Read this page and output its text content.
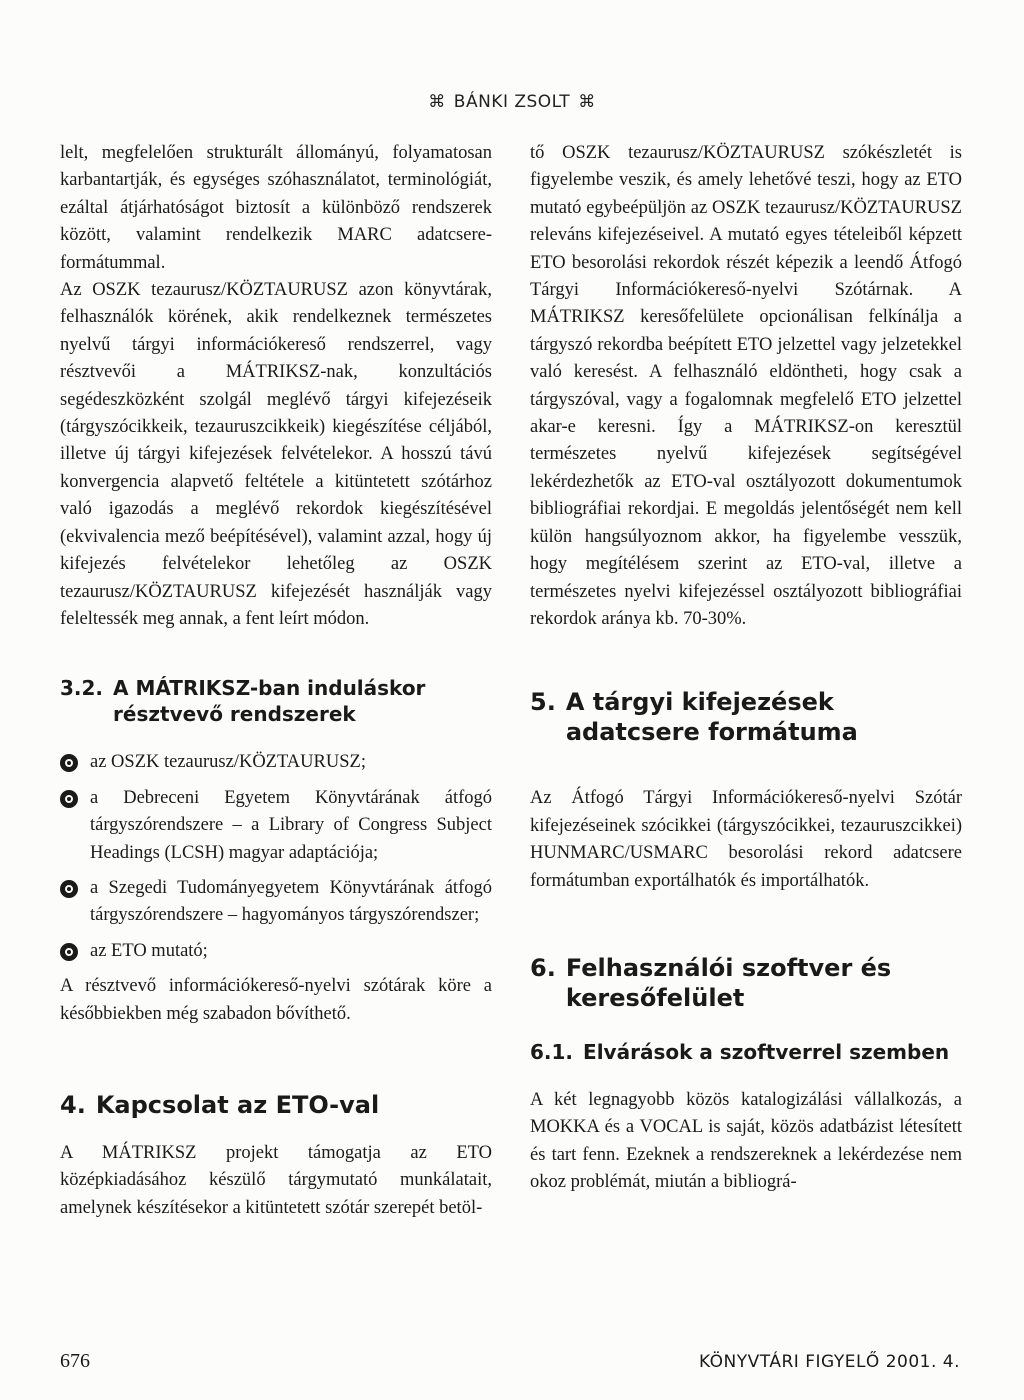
⌘ BÁNKI ZSOLT ⌘

lelt, megfelelően strukturált állományú, folyamatosan karbantartják, és egységes szóhasználatot, terminológiát, ezáltal átjárhatóságot biztosít a különböző rendszerek között, valamint rendelkezik MARC adatcsere-formátummal.

Az OSZK tezaurusz/KÖZTAURUSZ azon könyvtárak, felhasználók körének, akik rendelkeznek természetes nyelvű tárgyi információkereső rendszerrel, vagy résztvevői a MÁTRIKSZ-nak, konzultációs segédeszközként szolgál meglévő tárgyi kifejezéseik (tárgyszócikkeik, tezauruszcikkeik) kiegészítése céljából, illetve új tárgyi kifejezések felvételekor. A hosszú távú konvergencia alapvető feltétele a kitüntetett szótárhoz való igazodás a meglévő rekordok kiegészítésével (ekvivalencia mező beépítésével), valamint azzal, hogy új kifejezés felvételekor lehetőleg az OSZK tezaurusz/KÖZTAURUSZ kifejezését használják vagy feleltessék meg annak, a fent leírt módon.

3.2. A MÁTRIKSZ-ban induláskor résztvevő rendszerek
az OSZK tezaurusz/KÖZTAURUSZ;
a Debreceni Egyetem Könyvtárának átfogó tárgyszórendszere – a Library of Congress Subject Headings (LCSH) magyar adaptációja;
a Szegedi Tudományegyetem Könyvtárának átfogó tárgyszórendszere – hagyományos tárgyszórendszer;
az ETO mutató;

A résztvevő információkereső-nyelvi szótárak köre a későbbiekben még szabadon bővíthető.

4. Kapcsolat az ETO-val

A MÁTRIKSZ projekt támogatja az ETO középkiadásához készülő tárgymutató munkálatait, amelynek készítésekor a kitüntetett szótár szerepét betöl-

tő OSZK tezaurusz/KÖZTAURUSZ szókészletét is figyelembe veszik, és amely lehetővé teszi, hogy az ETO mutató egybeépüljön az OSZK tezaurusz/KÖZTAURUSZ releváns kifejezéseivel. A mutató egyes tételeiből képzett ETO besorolási rekordok részét képezik a leendő Átfogó Tárgyi Információkereső-nyelvi Szótárnak. A MÁTRIKSZ keresőfelülete opcionálisan felkínálja a tárgyszó rekordba beépített ETO jelzettel vagy jelzetekkel való keresést. A felhasználó eldöntheti, hogy csak a tárgyszóval, vagy a fogalomnak megfelelő ETO jelzettel akar-e keresni. Így a MÁTRIKSZ-on keresztül természetes nyelvű kifejezések segítségével lekérdezhetők az ETO-val osztályozott dokumentumok bibliográfiai rekordjai. E megoldás jelentőségét nem kell külön hangsúlyoznom akkor, ha figyelembe vesszük, hogy megítélésem szerint az ETO-val, illetve a természetes nyelvi kifejezéssel osztályozott bibliográfiai rekordok aránya kb. 70-30%.

5. A tárgyi kifejezések adatcsere formátuma

Az Átfogó Tárgyi Információkereső-nyelvi Szótár kifejezéseinek szócikkei (tárgyszócikkei, tezauruszcikkei) HUNMARC/USMARC besorolási rekord adatcsere formátumban exportálhatók és importálhatók.

6. Felhasználói szoftver és keresőfelület
6.1. Elvárások a szoftverrel szemben

A két legnagyobb közös katalogizálási vállalkozás, a MOKKA és a VOCAL is saját, közös adatbázist létesített és tart fenn. Ezeknek a rendszereknek a lekérdezése nem okoz problémát, miután a bibliográ-

676	KÖNYVTÁRI FIGYELŐ 2001. 4.
